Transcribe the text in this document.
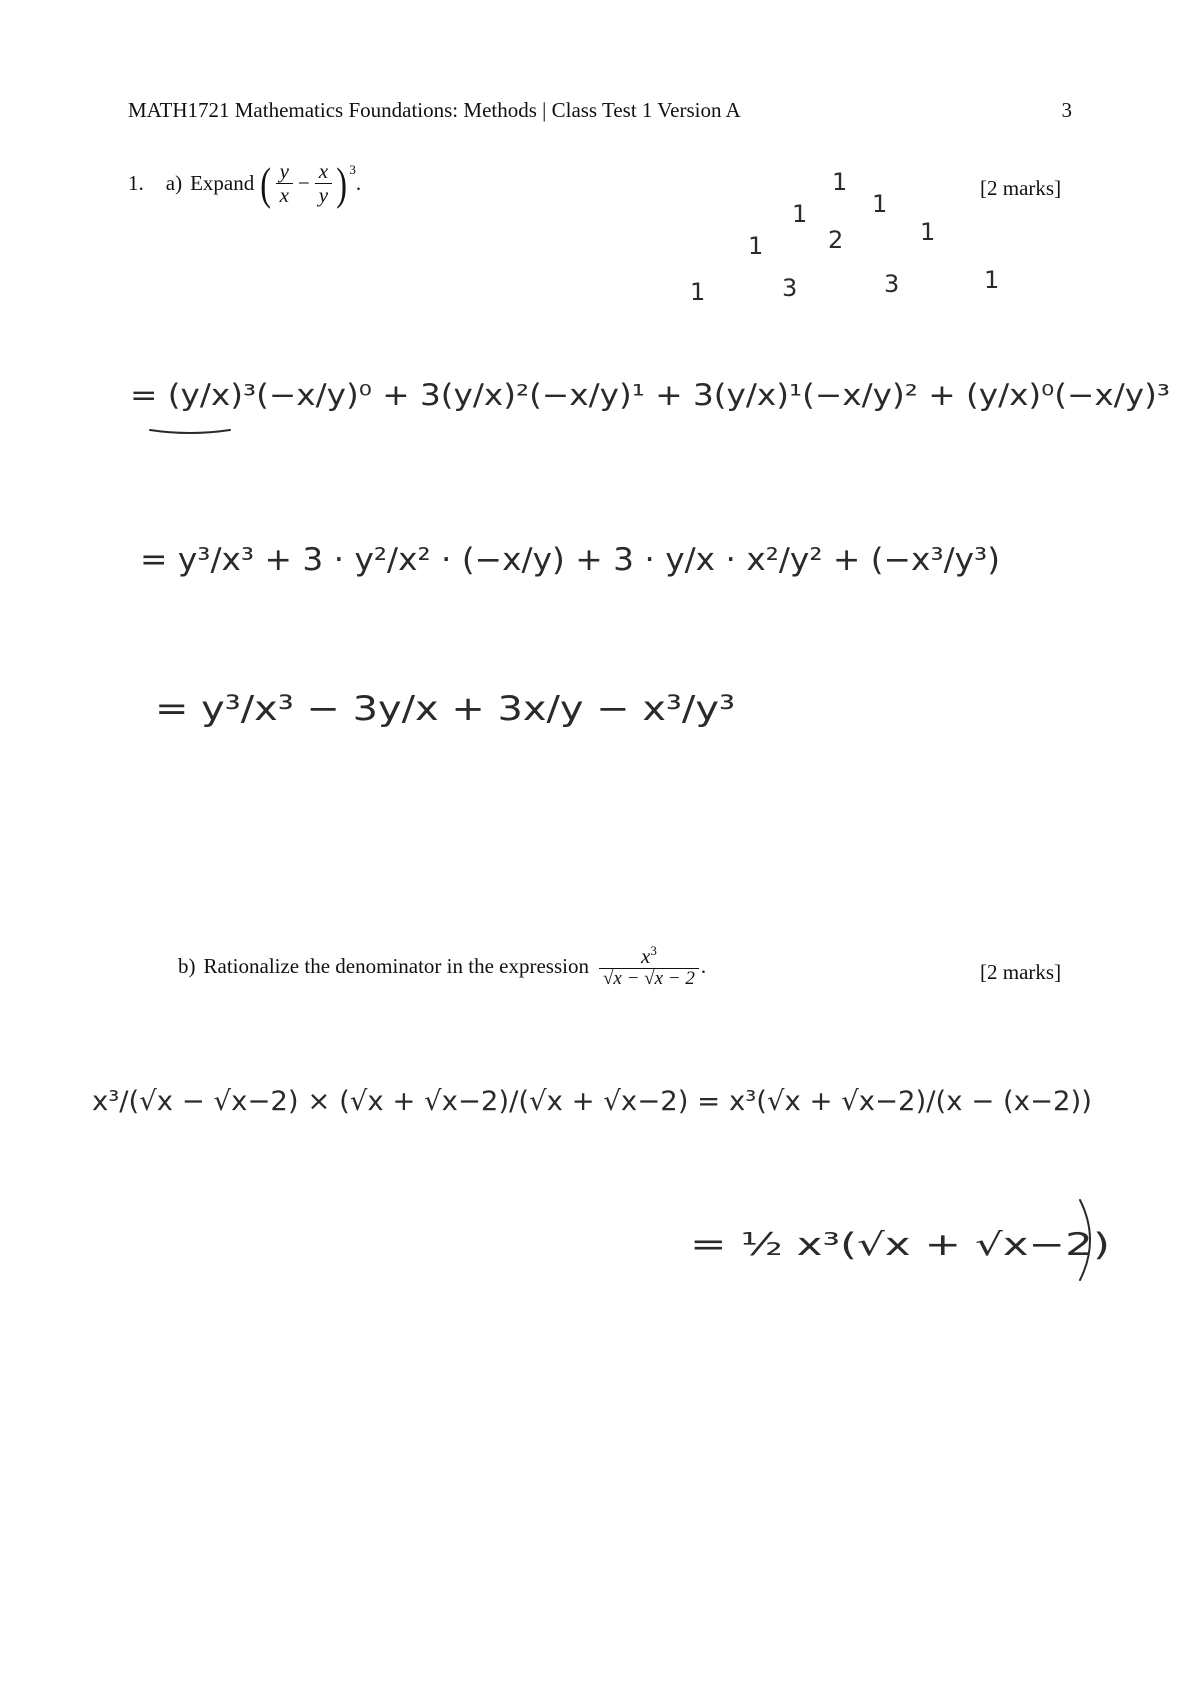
MATH1721 Mathematics Foundations: Methods | Class Test 1 Version A	3
1. a) Expand ( $\frac{y}{x} - \frac{x}{y}$ ) 3
.	[2 marks]
b) Rationalize the denominator in the expression $\frac{x^3}{√x - √x - 2}$ .	[2 marks]
1
1	1
1	2	1
1	3	3	1
= (y/x)³(−x/y)⁰ + 3(y/x)²(−x/y)¹ + 3(y/x)¹(−x/y)² + (y/x)⁰(−x/y)³
= y³/x³ + 3 · y²/x² · (−x/y) + 3 · y/x · x²/y² + (−x³/y³)
= y³/x³ − 3y/x + 3x/y − x³/y³
x³/(√x − √x−2) × (√x + √x−2)/(√x + √x−2) = x³(√x + √x−2)/(x − (x−2))
= ½ x³(√x + √x−2)
